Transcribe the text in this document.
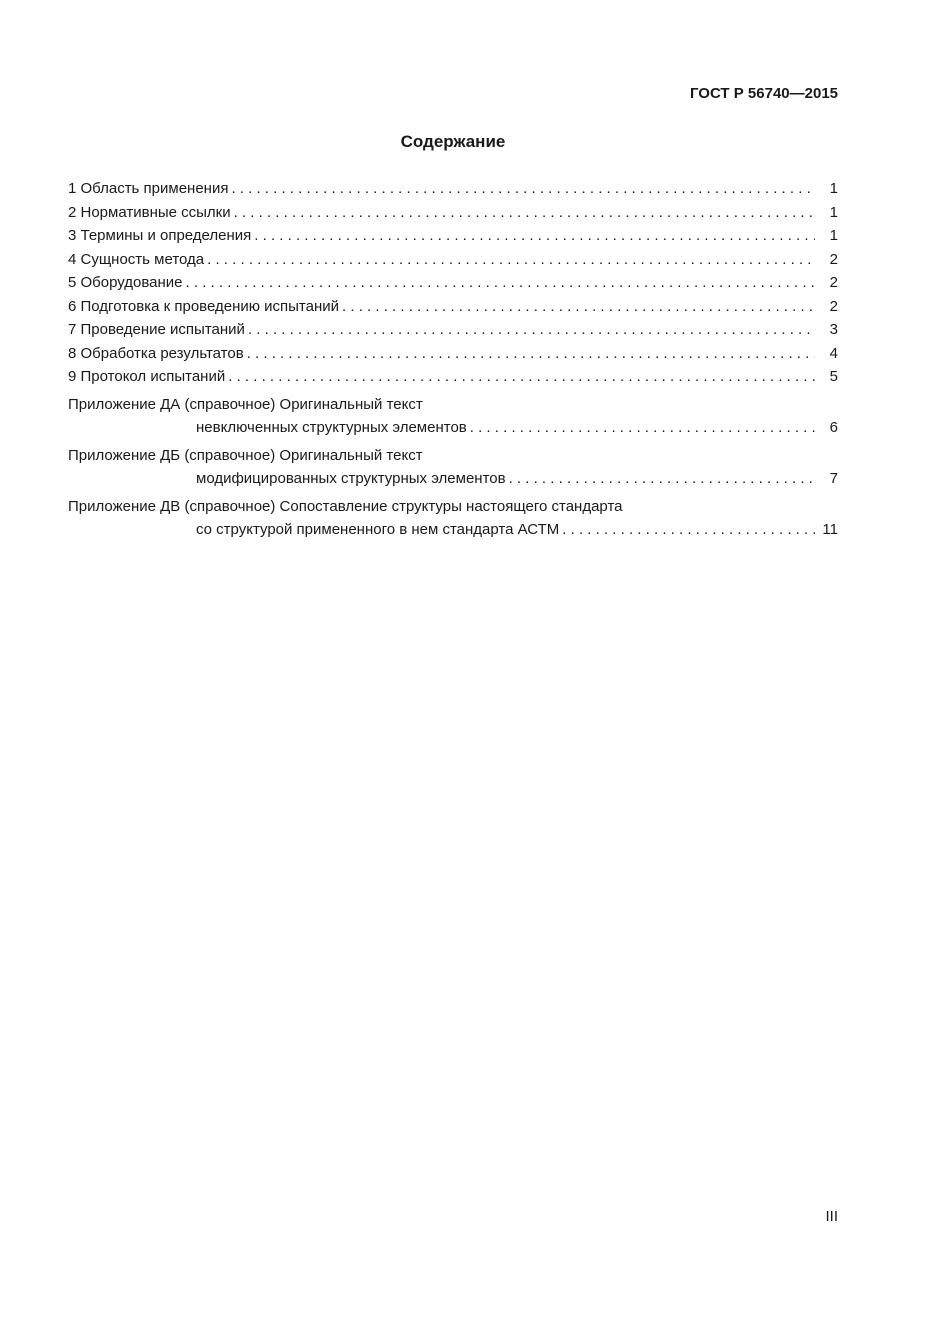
ГОСТ Р 56740—2015
Содержание
1 Область применения . . .	1
2 Нормативные ссылки . . .	1
3 Термины и определения . . .	1
4 Сущность метода . . .	2
5 Оборудование . . .	2
6 Подготовка к проведению испытаний . . .	2
7 Проведение испытаний . . .	3
8 Обработка результатов . . .	4
9 Протокол испытаний . . .	5
Приложение ДА (справочное) Оригинальный текст
невключенных структурных элементов . . .	6
Приложение ДБ (справочное) Оригинальный текст
модифицированных структурных элементов . . .	7
Приложение ДВ (справочное) Сопоставление структуры настоящего стандарта
со структурой примененного в нем стандарта АСТМ . . .	11
III
